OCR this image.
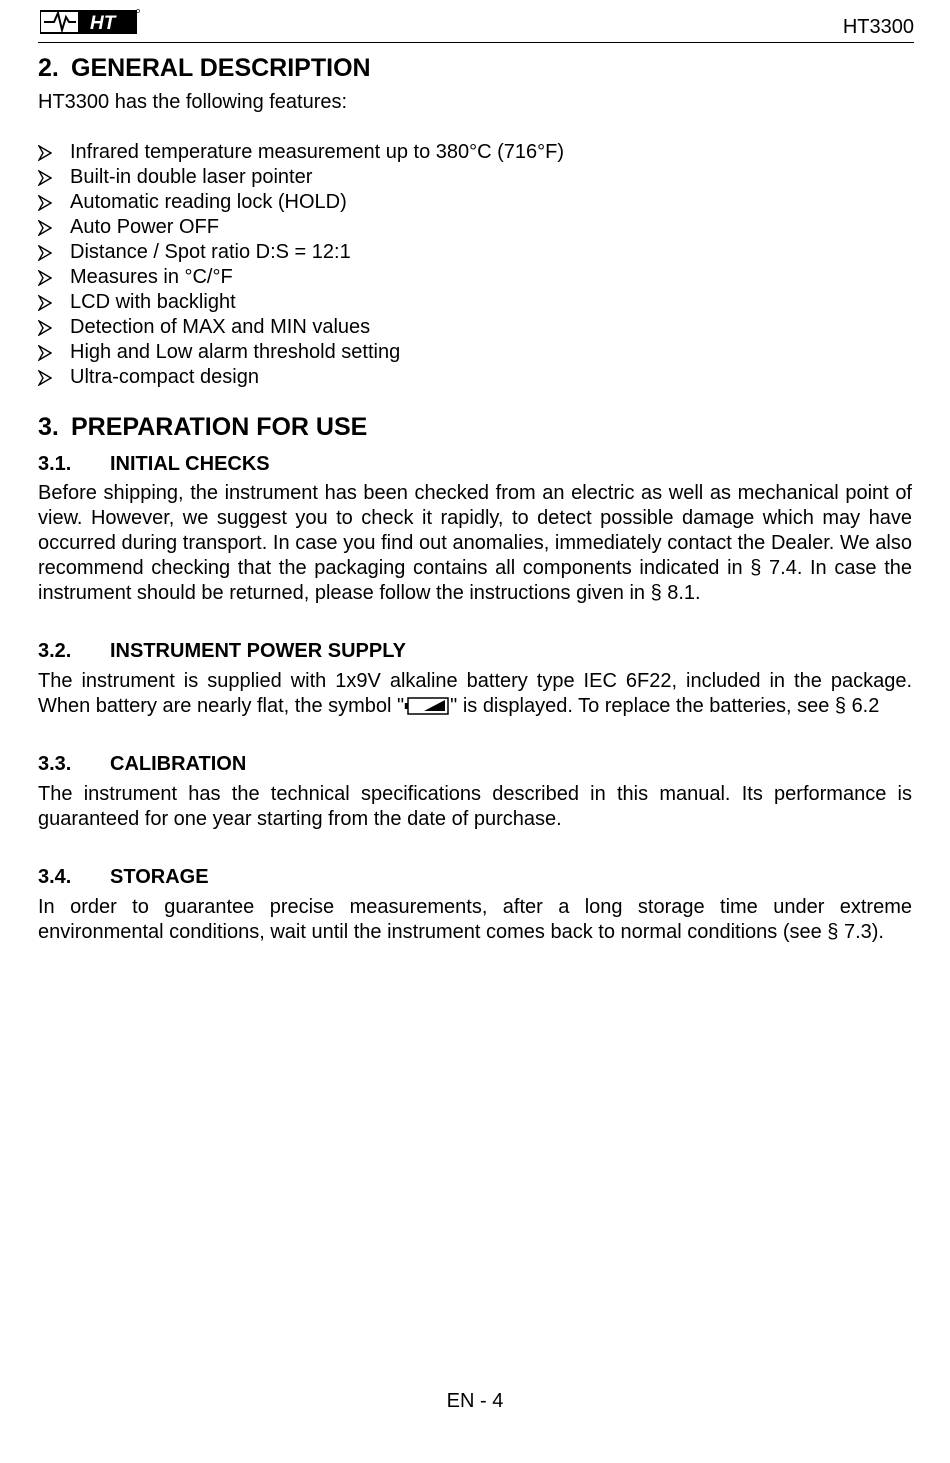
HT	HT3300
2. GENERAL DESCRIPTION

HT3300 has the following features:

Infrared temperature measurement up to 380°C (716°F)
Built-in double laser pointer
Automatic reading lock (HOLD)
Auto Power OFF
Distance / Spot ratio D:S = 12:1
Measures in °C/°F
LCD with backlight
Detection of MAX and MIN values
High and Low alarm threshold setting
Ultra-compact design
3. PREPARATION FOR USE
3.1.	INITIAL CHECKS

Before shipping, the instrument has been checked from an electric as well as mechanical point of view. However, we suggest you to check it rapidly, to detect possible damage which may have occurred during transport. In case you find out anomalies, immediately contact the Dealer. We also recommend checking that the packaging contains all components indicated in § 7.4. In case the instrument should be returned, please follow the instructions given in § 8.1.

3.2.	INSTRUMENT POWER SUPPLY

The instrument is supplied with 1x9V alkaline battery type IEC 6F22, included in the package. When battery are nearly flat, the symbol " " is displayed. To replace the batteries, see § 6.2

3.3.	CALIBRATION

The instrument has the technical specifications described in this manual. Its performance is guaranteed for one year starting from the date of purchase.

3.4.	STORAGE

In order to guarantee precise measurements, after a long storage time under extreme environmental conditions, wait until the instrument comes back to normal conditions (see § 7.3).

EN - 4
